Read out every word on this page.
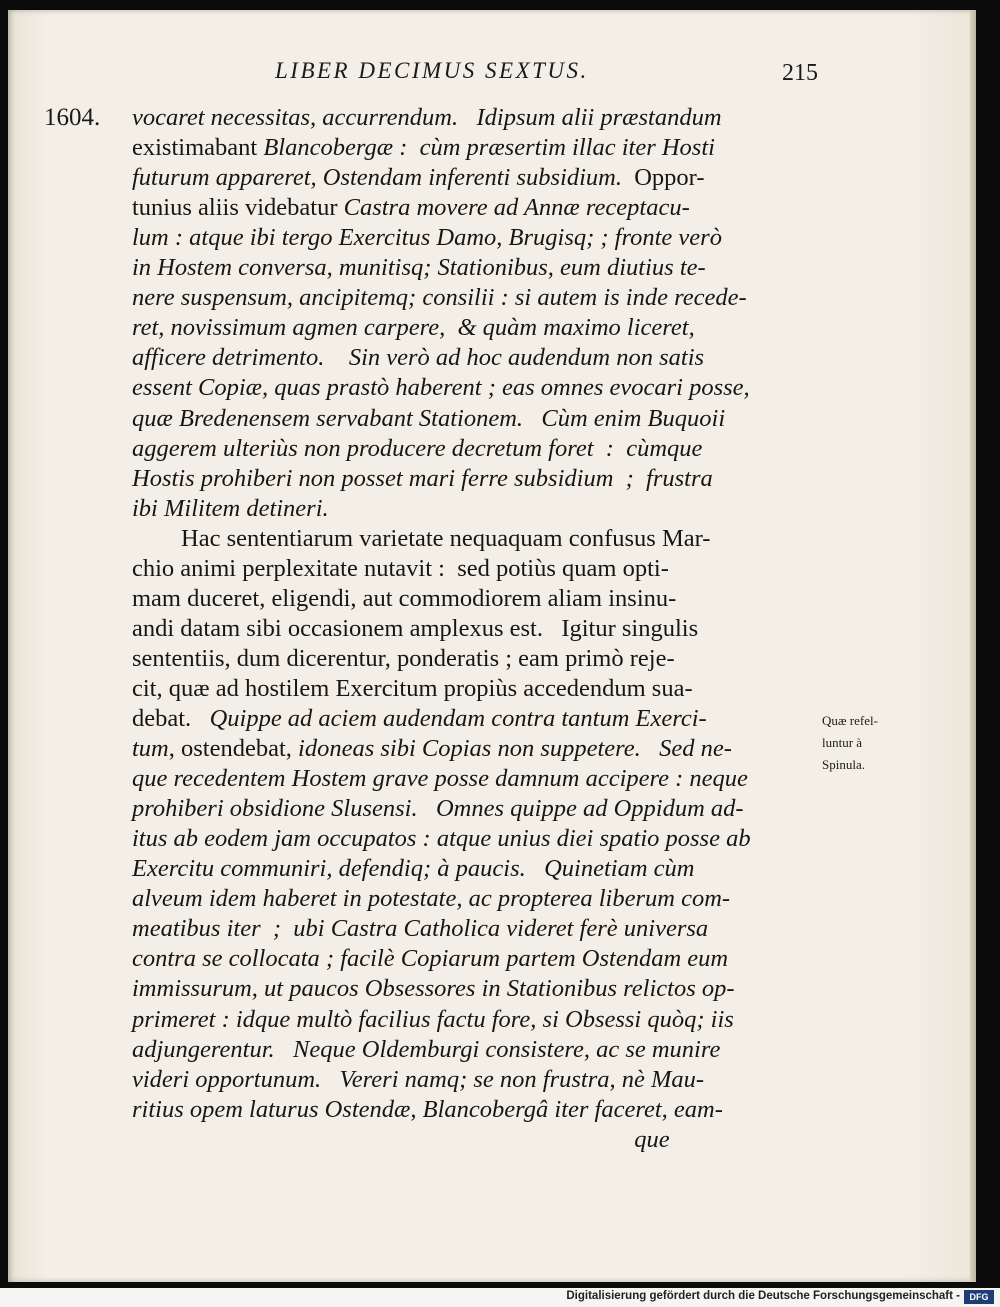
LIBER DECIMUS SEXTUS.	215
1604. vocaret necessitas, accurrendum.   Idipsum alii præstandum
existimabant Blancobergæ :  cùm præsertim illac iter Hosti
futurum appareret, Ostendam inferenti subsidium.  Oppor-
tunius aliis videbatur Castra movere ad Annæ receptacu-
lum : atque ibi tergo Exercitus Damo, Brugisq; ; fronte verò
in Hostem conversa, munitisq; Stationibus, eum diutius te-
nere suspensum, ancipitemq; consilii : si autem is inde recede-
ret, novissimum agmen carpere,  & quàm maximo liceret,
afficere detrimento.    Sin verò ad hoc audendum non satis
essent Copiæ, quas prastò haberent ; eas omnes evocari posse,
quæ Bredenensem servabant Stationem.   Cùm enim Buquoii
aggerem ulteriùs non producere decretum foret  :  cùmque
Hostis prohiberi non posset mari ferre subsidium  ;  frustra
ibi Militem detineri.
Hac sententiarum varietate nequaquam confusus Mar-
chio animi perplexitate nutavit :  sed potiùs quam opti-
mam duceret, eligendi, aut commodiorem aliam insinu-
andi datam sibi occasionem amplexus est.   Igitur singulis
sententiis, dum dicerentur, ponderatis ; eam primò reje-
cit, quæ ad hostilem Exercitum propiùs accedendum sua-
debat.   Quippe ad aciem audendam contra tantum Exerci-
tum, ostendebat, idoneas sibi Copias non suppetere.   Sed ne-
que recedentem Hostem grave posse damnum accipere : neque
prohiberi obsidione Slusensi.   Omnes quippe ad Oppidum ad-
itus ab eodem jam occupatos : atque unius diei spatio posse ab
Exercitu communiri, defendiq; à paucis.   Quinetiam cùm
alveum idem haberet in potestate, ac propterea liberum com-
meatibus iter  ;  ubi Castra Catholica videret ferè universa
contra se collocata ; facilè Copiarum partem Ostendam eum
immissurum, ut paucos Obsessores in Stationibus relictos op-
primeret : idque multò facilius factu fore, si Obsessi quòq; iis
adjungerentur.   Neque Oldemburgi consistere, ac se munire
videri opportunum.   Vereri namq; se non frustra, nè Mau-
ritius opem laturus Ostendæ, Blancobergâ iter faceret, eam-
que
Quæ refel-
luntur à
Spinula.
Digitalisierung gefördert durch die Deutsche Forschungsgemeinschaft -	DFG
